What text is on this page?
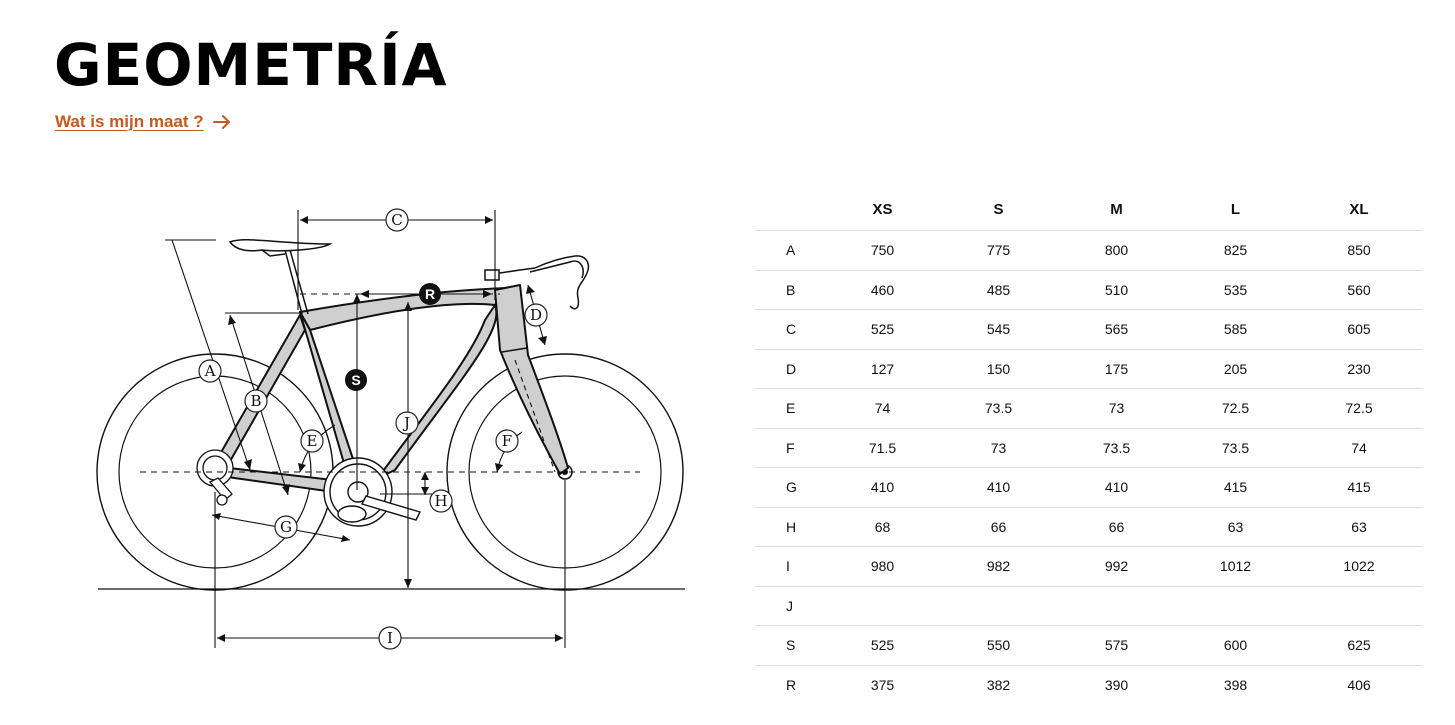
GEOMETRÍA
Wat is mijn maat ?
C
R
S
D
A
B
J
E	F
H
G
I
	XS	S	M	L	XL
A	750	775	800	825	850
B	460	485	510	535	560
C	525	545	565	585	605
D	127	150	175	205	230
E	74	73.5	73	72.5	72.5
F	71.5	73	73.5	73.5	74
G	410	410	410	415	415
H	68	66	66	63	63
I	980	982	992	1012	1022
J					
S	525	550	575	600	625
R	375	382	390	398	406
